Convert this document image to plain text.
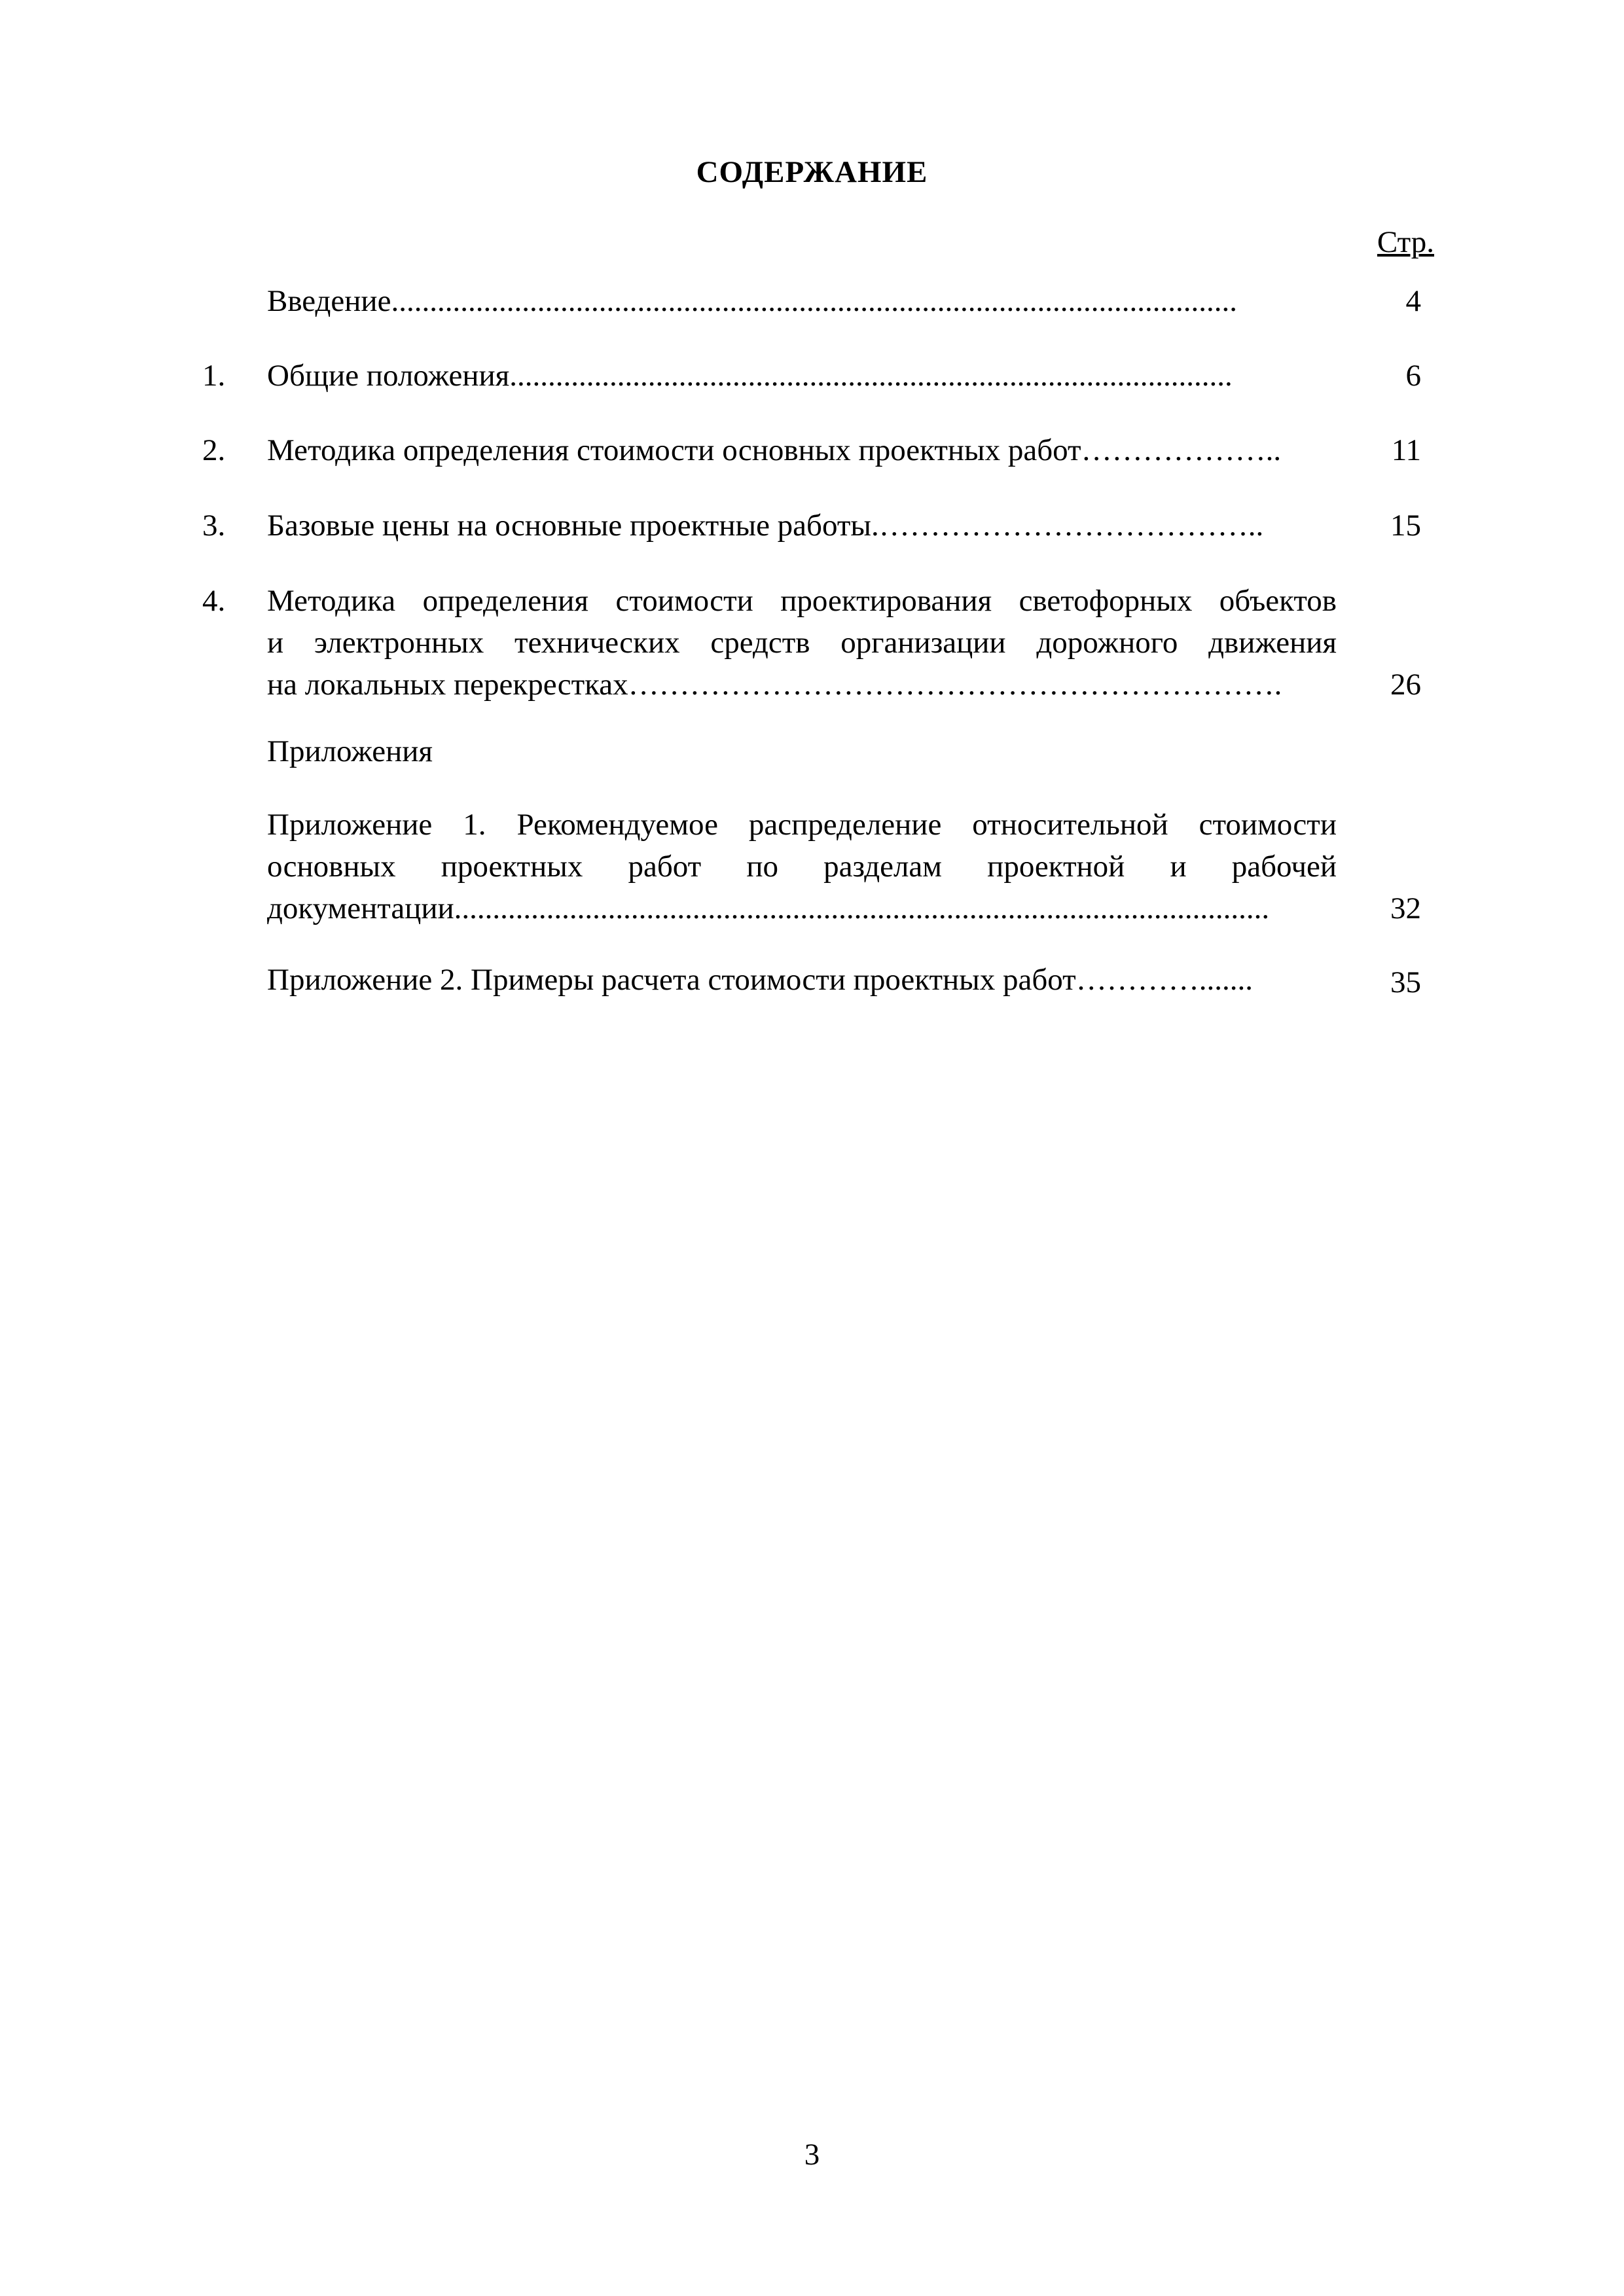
СОДЕРЖАНИЕ
Стр.
Введение..............................................................................................................	4
1. Общие положения..............................................................................................	6
2. Методика определения стоимости основных проектных работ………………..	11
3. Базовые цены на основные проектные работы.………………………………..	15
4. Методика определения стоимости проектирования светофорных объектов
и электронных технических средств организации дорожного движения
на локальных перекрестках……………………………………………………….	26
Приложения
Приложение 1. Рекомендуемое распределение относительной стоимости
основных проектных работ по разделам проектной и рабочей
документации..........................................................................................................	32
Приложение 2. Примеры расчета стоимости проектных работ………….......	35
3
